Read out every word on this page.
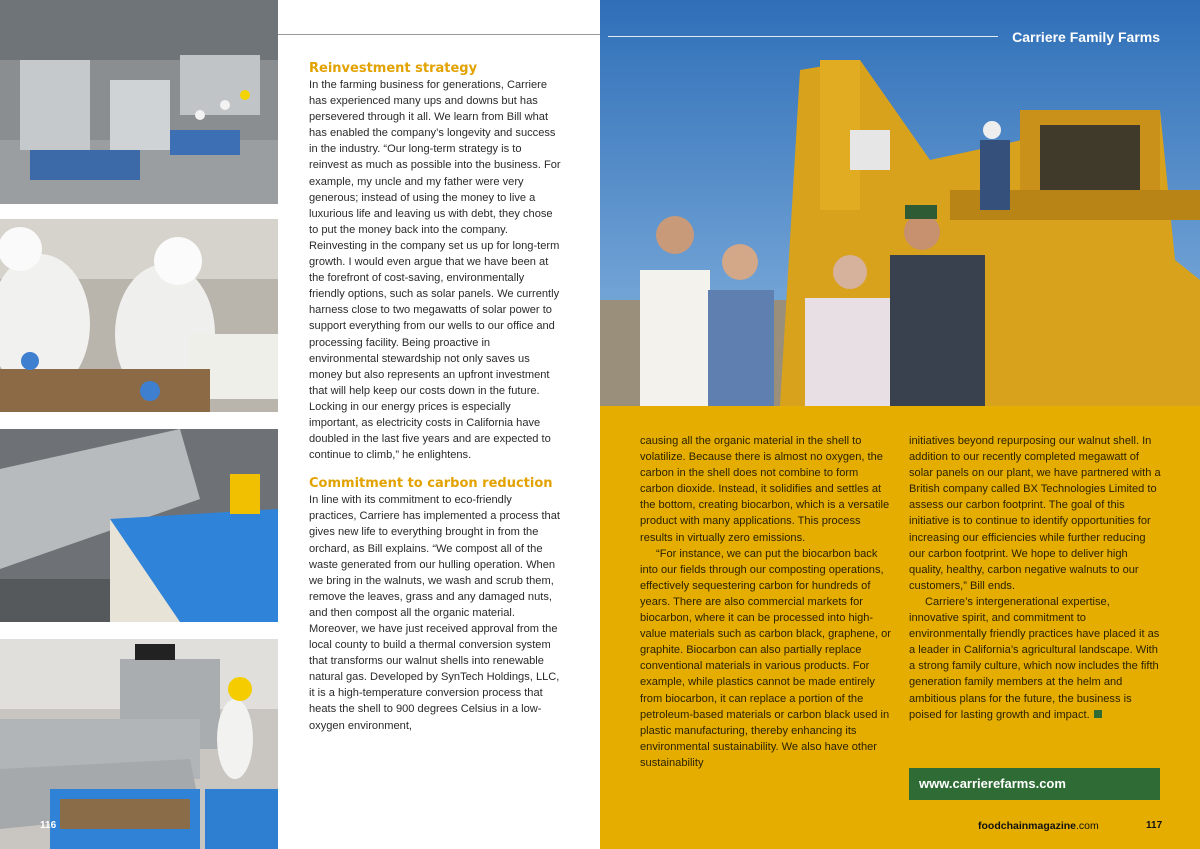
Reinvestment strategy

In the farming business for generations, Carriere has experienced many ups and downs but has persevered through it all. We learn from Bill what has enabled the company’s longevity and success in the industry. “Our long-term strategy is to reinvest as much as possible into the business. For example, my uncle and my father were very generous; instead of using the money to live a luxurious life and leaving us with debt, they chose to put the money back into the company. Reinvesting in the company set us up for long-term growth. I would even argue that we have been at the forefront of cost-saving, environmentally friendly options, such as solar panels. We currently harness close to two megawatts of solar power to support everything from our wells to our office and processing facility. Being proactive in environmental stewardship not only saves us money but also represents an upfront investment that will help keep our costs down in the future. Locking in our energy prices is especially important, as electricity costs in California have doubled in the last five years and are expected to continue to climb,” he enlightens.

Commitment to carbon reduction

In line with its commitment to eco-friendly practices, Carriere has implemented a process that gives new life to everything brought in from the orchard, as Bill explains. “We compost all of the waste generated from our hulling operation. When we bring in the walnuts, we wash and scrub them, remove the leaves, grass and any damaged nuts, and then compost all the organic material. Moreover, we have just received approval from the local county to build a thermal conversion system that transforms our walnut shells into renewable natural gas. Developed by SynTech Holdings, LLC, it is a high-temperature conversion process that heats the shell to 900 degrees Celsius in a low-oxygen environment,

116
Carriere Family Farms

causing all the organic material in the shell to volatilize. Because there is almost no oxygen, the carbon in the shell does not combine to form carbon dioxide. Instead, it solidifies and settles at the bottom, creating biocarbon, which is a versatile product with many applications. This process results in virtually zero emissions.

“For instance, we can put the biocarbon back into our fields through our composting operations, effectively sequestering carbon for hundreds of years. There are also commercial markets for biocarbon, where it can be processed into high-value materials such as carbon black, graphene, or graphite. Biocarbon can also partially replace conventional materials in various products. For example, while plastics cannot be made entirely from biocarbon, it can replace a portion of the petroleum-based materials or carbon black used in plastic manufacturing, thereby enhancing its environmental sustainability. We also have other sustainability

initiatives beyond repurposing our walnut shell. In addition to our recently completed megawatt of solar panels on our plant, we have partnered with a British company called BX Technologies Limited to assess our carbon footprint. The goal of this initiative is to continue to identify opportunities for increasing our efficiencies while further reducing our carbon footprint. We hope to deliver high quality, healthy, carbon negative walnuts to our customers,” Bill ends.

Carriere’s intergenerational expertise, innovative spirit, and commitment to environmentally friendly practices have placed it as a leader in California’s agricultural landscape. With a strong family culture, which now includes the fifth generation family members at the helm and ambitious plans for the future, the business is poised for lasting growth and impact.

www.carrierefarms.com
foodchainmagazine.com	117
